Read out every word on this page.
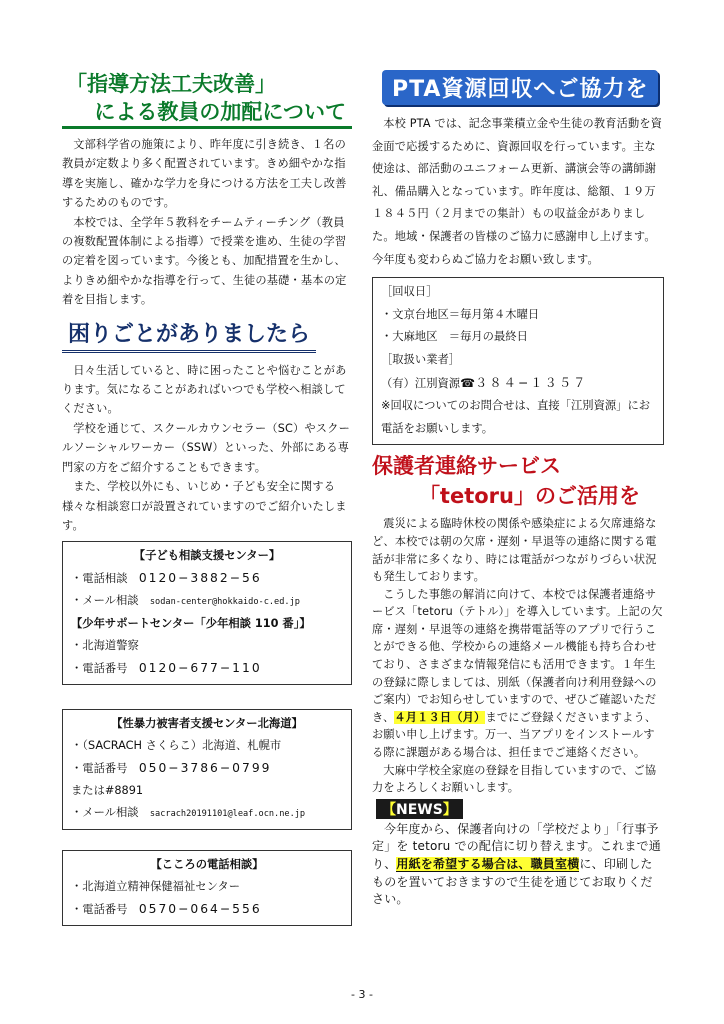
「指導方法工夫改善」
による教員の加配について

文部科学省の施策により、昨年度に引き続き、１名の教員が定数より多く配置されています。きめ細やかな指導を実施し、確かな学力を身につける方法を工夫し改善するためのものです。

本校では、全学年５教科をチームティーチング（教員の複数配置体制による指導）で授業を進め、生徒の学習の定着を図っています。今後とも、加配措置を生かし、よりきめ細やかな指導を行って、生徒の基礎・基本の定着を目指します。

困りごとがありましたら

日々生活していると、時に困ったことや悩むことがあります。気になることがあればいつでも学校へ相談してください。

学校を通じて、スクールカウンセラー（SC）やスクールソーシャルワーカー（SSW）といった、外部にある専門家の方をご紹介することもできます。

また、学校以外にも、いじめ・子ども安全に関する様々な相談窓口が設置されていますのでご紹介いたします。

【子ども相談支援センター】
・電話相談　 0120−3882−56
・メール相談　 sodan-center@hokkaido-c.ed.jp
【少年サポートセンター「少年相談 110 番」】
・北海道警察
・電話番号　 0120−677−110
【性暴力被害者支援センター北海道】
・（SACRACH さくらこ）北海道、札幌市
・電話番号　 050−3786−0799
または#8891
・メール相談　 sacrach20191101@leaf.ocn.ne.jp
【こころの電話相談】
・北海道立精神保健福祉センター
・電話番号　 0570−064−556
PTA資源回収へご協力を

本校 PTA では、記念事業積立金や生徒の教育活動を資金面で応援するために、資源回収を行っています。主な使途は、部活動のユニフォーム更新、講演会等の講師謝礼、備品購入となっています。昨年度は、総額、１９万１８４５円（２月までの集計）もの収益金がありました。地域・保護者の皆様のご協力に感謝申し上げます。今年度も変わらぬご協力をお願い致します。

［回収日］
・文京台地区＝毎月第４木曜日
・大麻地区　＝毎月の最終日
［取扱い業者］
（有）江別資源☎３８４−１３５７
※回収についてのお問合せは、直接「江別資源」にお電話をお願いします。
保護者連絡サービス
「tetoru」のご活用を

震災による臨時休校の関係や感染症による欠席連絡など、本校では朝の欠席・遅刻・早退等の連絡に関する電話が非常に多くなり、時には電話がつながりづらい状況も発生しております。

こうした事態の解消に向けて、本校では保護者連絡サービス「tetoru（テトル）」を導入しています。上記の欠席・遅刻・早退等の連絡を携帯電話等のアプリで行うことができる他、学校からの連絡メール機能も持ち合わせており、さまざまな情報発信にも活用できます。１年生の登録に際しましては、別紙（保護者向け利用登録へのご案内）でお知らせしていますので、ぜひご確認いただき、４月１３日（月）までにご登録くださいますよう、お願い申し上げます。万一、当アプリをインストールする際に課題がある場合は、担任までご連絡ください。

大麻中学校全家庭の登録を目指していますので、ご協力をよろしくお願いします。

【NEWS】

今年度から、保護者向けの「学校だより」「行事予定」を tetoru での配信に切り替えます。これまで通り、用紙を希望する場合は、職員室横に、印刷したものを置いておきますので生徒を通じてお取りください。

- 3 -
